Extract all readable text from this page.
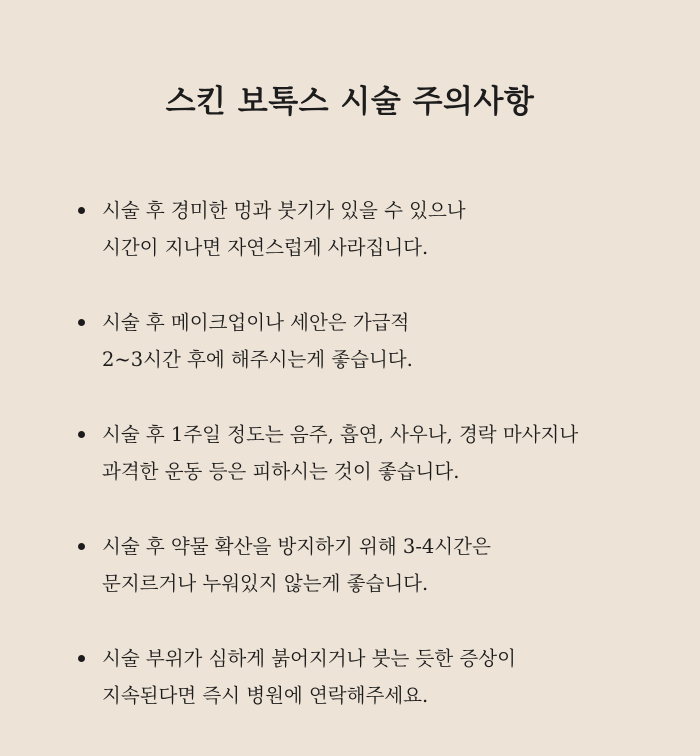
스킨 보톡스 시술 주의사항
시술 후 경미한 멍과 붓기가 있을 수 있으나
시간이 지나면 자연스럽게 사라집니다.
시술 후 메이크업이나 세안은 가급적
2~3시간 후에 해주시는게 좋습니다.
시술 후 1주일 정도는 음주, 흡연, 사우나, 경락 마사지나
과격한 운동 등은 피하시는 것이 좋습니다.
시술 후 약물 확산을 방지하기 위해 3-4시간은
문지르거나 누워있지 않는게 좋습니다.
시술 부위가 심하게 붉어지거나 붓는 듯한 증상이
지속된다면 즉시 병원에 연락해주세요.
